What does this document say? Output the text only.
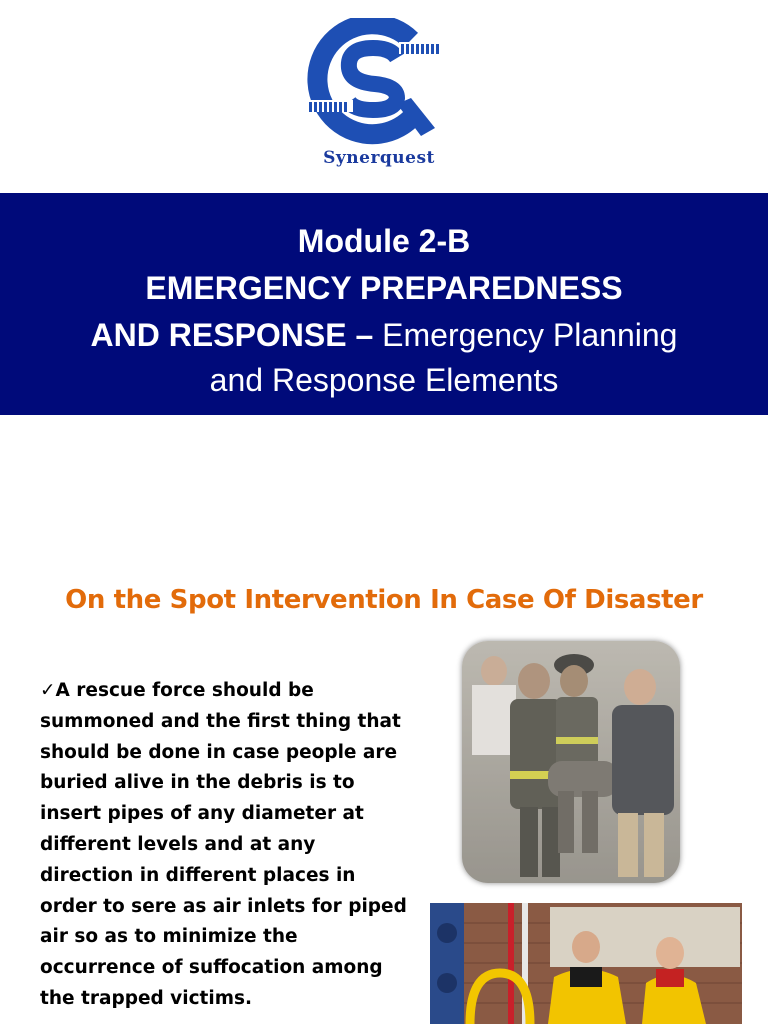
Synerquest
Module 2-B
EMERGENCY PREPAREDNESS
AND RESPONSE – Emergency Planning
and Response Elements
On the Spot Intervention In Case Of Disaster
✓A rescue force should be
summoned and the first thing that
should be done in case people are
buried alive in the debris is to
insert pipes of any diameter at
different levels and at any
direction in different places in
order to sere as air inlets for piped
air so as to minimize the
occurrence of suffocation among
the trapped victims.
